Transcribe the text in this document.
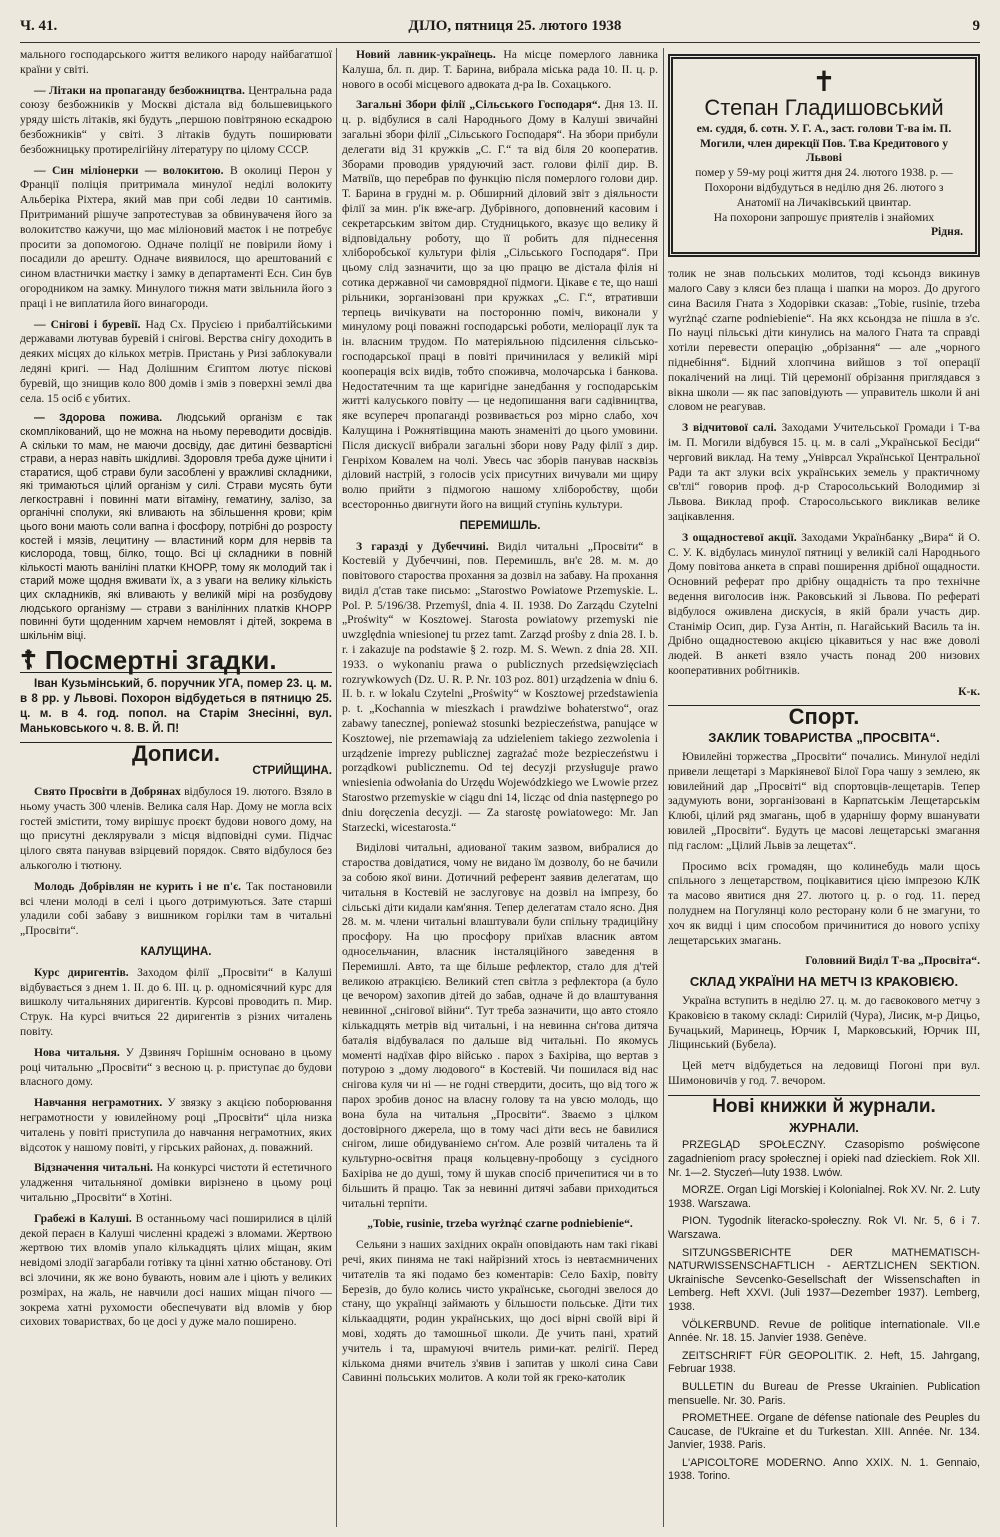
Ч. 41.	ДІЛО, пятниця 25. лютого 1938	9

мального господарського життя великого народу найбагатшої країни у світі.

— Літаки на пропаганду безбожництва. Центральна рада союзу безбожників у Москві дістала від большевицького уряду шість літаків, які будуть „першою повітряною ескадрою безбожників“ у світі. З літаків будуть поширювати безбожницьку протирелігійну літературу по цілому СССР.

— Син міліонерки — волокитою. В околиці Перон у Франції поліція притримала минулої неділі волокиту Альберіка Ріхтера, який мав при собі ледви 10 сантимів. Притриманий рішуче запротестував за обвинуваченя його за волокитство кажучи, що має міліоновий маєток і не потребує просити за допомогою. Одначе поліції не повірили йому і посадили до арешту. Одначе виявилося, що арештований є сином властнички маєтку і замку в департаменті Есн. Син був огородником на замку. Минулого тижня мати звільнила його з праці і не виплатила його винагороди.

— Снігові і буревії. Над Сх. Прусією і прибалтійськими державами лютував буревій і снігові. Верства снігу доходить в деяких місцях до кількох метрів. Пристань у Ризі заблокували ледяні кригі. — Над Долішним Єгиптом лютує піскові буревій, що знищив коло 800 домів і змів з поверхні землі два села. 15 осіб є убитих.

— Здорова пожива. Людський організм є так скомплікований, що не можна на ньому переводити досвідів. А скільки то мам, не маючи досвіду, дає дитині безвартісні страви, а нераз навіть шкідливі. Здоровля треба дуже цінити і старатися, щоб страви були засоблені у вражливі складники, які тримаються цілий організм у силі. Страви мусять бути легкостравні і повинні мати вітаміну, гематину, залізо, за органічні сполуки, які вливають на збільшення крови; крім цього вони мають соли вапна і фосфору, потрібні до розросту костей і мязів, лецитину — властиний корм для нервів та кислорода, товщ, білко, тощо. Всі ці складники в повній кількості мають ваніліні платки КНОРР, тому як молодий так і старий може щодня вживати їх, а з уваги на велику кількість цих складників, які вливають у великій мірі на розбудову людського організму — страви з ванілінних платків КНОРР повинні бути щоденним харчем немовлят і дітей, зокрема в шкільнім віці.

☦ Посмертні згадки.

Іван Кузьмінський, б. поручник УГА, помер 23. ц. м. в 8 рр. у Львові. Похорон відбудеться в пятницю 25. ц. м. в 4. год. попол. на Старім Знесінні, вул. Маньковського ч. 8. В. Й. П!

Дописи.

СТРИЙЩИНА.

Свято Просвіти в Добрянах відбулося 19. лютого. Взяло в ньому участь 300 членів. Велика саля Нар. Дому не могла всіх гостей змістити, тому вирішує проєкт будови нового дому, на що присутні деклярували з місця відповідні суми. Підчас цілого свята панував взірцевий порядок. Свято відбулося без алькоголю і тютюну.

Молодь Добрівлян не курить і не п'є. Так постановили всі члени молоді в селі і цього дотримуються. Зате старші уладили собі забаву з вишником горілки там в читальні „Просвіти“.

КАЛУЩИНА.

Курс диригентів. Заходом філії „Просвіти“ в Калуші відбувається з днем 1. II. до 6. III. ц. р. одномісячний курс для вишколу читальняних диригентів. Курсові проводить п. Мир. Струк. На курсі вчиться 22 диригентів з різних читалень повіту.

Нова читальня. У Дзвиняч Горішнім основано в цьому році читальню „Просвіти“ з весною ц. р. приступає до будови власного дому.

Навчання неграмотних. У звязку з акцією поборювання неграмотности у ювилейному році „Просвіти“ ціла низка читалень у повіті приступила до навчання неграмотних, яких відсоток у нашому повіті, у гірських районах, д. поважний.

Відзначення читальні. На конкурсі чистоти й естетичного уладження читальняної домівки вирізнено в цьому році читальню „Просвіти“ в Хотіні.

Грабежі в Калуші. В останньому часі поширилися в цілій декой пераєн в Калуші численні крадежі з вломами. Жертвою жертвою тих вломів упало кількадцять цілих міщан, яким невідомі злодії загарбали готівку та цінні хатню обстанову. Оті всі злочини, як же воно бувають, новим але і ціють у великих розмірах, на жаль, не навчили досі наших міщан пічого — зокрема хатні рухомости обеспечувати від вломів у бюр сихових товариствах, бо це досі у дуже мало поширено.

Новий лавник-українець. На місце померлого лавника Калуша, бл. п. дир. Т. Барина, вибрала міська рада 10. II. ц. р. нового в особі місцевого адвоката д-ра Ів. Сохацького.

Загальні Збори філії „Сільського Господаря“. Дня 13. II. ц. р. відбулися в салі Народнього Дому в Калуші звичайні загальні збори філії „Сільського Господаря“. На збори прибули делегати від 31 кружків „С. Г.“ та від біля 20 кооператив. Зборами проводив урядуючий заст. голови філії дир. В. Матвіїв, що перебрав по функцію після померлого голови дир. Т. Барина в грудні м. р. Обширний діловий звіт з діяльности філії за мин. р'ік вже-агр. Дубрівного, доповнений касовим і секретарським звітом дир. Студницького, вказує що велику й відповідальну роботу, що її робить для піднесення хліборобської культури філія „Сільського Господаря“. При цьому слід зазначити, що за цю працю ве дістала філія ні сотика державної чи самоврядної підмоги. Цікаве є те, що наші рільники, зорганізовані при кружках „С. Г.“, втративши терпець вичікувати на посторонню поміч, виконали у минулому році поважні господарські роботи, меліорації лук та ін. власним трудом. По матеріяльною підсилення сільсько-господарської праці в повіті причинилася у великій мірі кооперація всіх видів, тобто споживча, молочарська і банкова. Недостатечним та ще каригідне занедбання у господарськім житті калуського повіту — це недопишання ваги садівництва, яке всупереч пропаганді розвивається роз мірно слабо, хоч Калущина і Рожнятівщина мають знаменіті до цього умовини. Після дискусії вибрали загальні збори нову Раду філії з дир. Генріхом Ковалем на чолі. Увесь час зборів панував насквізь діловий настрій, з голосів усіх присутних вичували ми щиру волю прийти з підмогою нашому хліборобству, щоби всесторонньо двигнути його на вищий ступінь культури.

ПЕРЕМИШЛЬ.

З гаразді у Дубеччині. Виділ читальні „Просвіти“ в Костевій у Дубеччині, пов. Перемишль, вн'є 28. м. м. до повітового староства прохання за дозвіл на забаву. На прохання виділ д'став таке письмо: „Starostwo Powiatowe Przemyskie. L. Pol. P. 5/196/38. Przemyśl, dnia 4. II. 1938. Do Zarządu Czytelni „Proświty“ w Kosztowej. Starosta powiatowy przemyski nie uwzględnia wniesionej tu przez tamt. Zarząd prośby z dnia 28. I. b. r. i zakazuje na podstawie § 2. rozp. M. S. Wewn. z dnia 28. XII. 1933. o wykonaniu prawa o publicznych przedsięwzięciach rozrywkowych (Dz. U. R. P. Nr. 103 poz. 801) urządzenia w dniu 6. II. b. r. w lokalu Czytelni „Proświty“ w Kosztowej przedstawienia p. t. „Kochannia w mieszkach i prawdziwe bohaterstwo“, oraz zabawy tanecznej, ponieważ stosunki bezpieczeństwa, panujące w Kosztowej, nie przemawiają za udzieleniem takiego zezwolenia i urządzenie imprezy publicznej zagrażać może bezpieczeństwu i porządkowi publicznemu. Od tej decyzji przysługuje prawo wniesienia odwołania do Urzędu Wojewódzkiego we Lwowie przez Starostwo przemyskie w ciągu dni 14, licząc od dnia następnego po dniu doręczenia decyzji. — Za starostę powiatowego: Mr. Jan Starzecki, wicestarosta.“

Виділові читальні, адиованої таким зазвом, вибралися до староства довідатися, чому не видано їм дозволу, бо не бачили за собою якої вини. Дотичний референт заявив делегатам, що читальня в Костевій не заслуговує на дозвіл на імпрезу, бо сільські діти кидали кам'яння. Тепер делегатам стало ясно. Дня 28. м. м. члени читальні влаштували були спільну традиційну просфору. На цю просфору приїхав власник автом односельчанин, власник інсталяційного заведення в Перемишлі. Авто, та ще більше рефлектор, стало для д'тей великою атракцією. Великий степ світла з рефлектора (а було це вечором) захопив дітей до забав, одначе й до влаштування невинної „снігової війни“. Тут треба зазначити, що авто стояло кількадцять метрів від читальні, і на невинна сн'гова дитяча баталія відбувалася по дальше від читальні. По якомусь моменті надїхав фіро військо . парох з Бахіріва, що вертав з потурою з „дому людового“ в Костевій. Чи пошилася від нас снігова куля чи ні — не годні ствердити, досить, що від того ж парох зробив донос на власну голову та на увсю молодь, що вона була на читальня „Просвіти“. Зваємо з цілком достовірного джерела, що в тому часі діти весь не бавилися снігом, лише обидуваніемо сн'гом. Але розвій читалень та й культурно-освітня праця кольцевну-пробощу з сусідного Бахіріва не до душі, тому й шукав спосіб причепитися чи в то більшить й працю. Так за невинні дитячі забави приходиться читальні терпіти.

„Tobie, rusinie, trzeba wyrżnąć czarne podniebienie“.

Сельяни з наших західних окраїн оповідають нам такі гікаві речі, яких пиняма не такі найрізний хтось із невтаємничених читателів та які подамо без коментарів: Село Бахір, повіту Березів, до було колись чисто українське, сьогодні звелося до стану, що українці займають у більшости польське. Діти тих кількаадцяти, родин українських, що досі вірні своїй вірі й мові, ходять до тамошньої школи. Де учить пані, хратий учитель і та, шрамуючі вчитель рими-кат. релігії. Перед кількома днями вчитель з'явив і запитав у школі сина Сави Савинні польських молитов. А коли той як греко-католик

✝

Степан Гладишовський

ем. суддя, б. сотн. У. Г. А., заст. голови Т-ва ім. П. Могили, член дирекції Пов. Т.ва Кредитового у Львові

помер у 59-му році життя дня 24. лютого 1938. р. — Похорони відбудуться в неділю дня 26. лютого з Анатомії на Личаківський цвинтар.

На похорони запрошує приятелів і знайомих

Рідня.

толик не знав польських молитов, тоді ксьондз викинув малого Саву з кляси без плаща і шапки на мороз. До другого сина Василя Гната з Ходорівки сказав: „Tobie, rusinie, trzeba wyrżnąć czarne podniebienie“. На якх ксьондза не пішла в з'с. По науці пільські діти кинулись на малого Гната та справді хотіли перевести операцію „обрізання“ — але „чорного піднебіння“. Бідний хлопчина вийшов з тої операції покалічений на лиці. Тій церемонії обрізання приглядався з вікна школи — як пас заповідують — управитель школи й ані словом не реагував.

З відчитової салі. Заходами Учительської Громади і Т-ва ім. П. Могили відбувся 15. ц. м. в салі „Української Бесіди“ черговий виклад. На тему „Уніврсал Української Центральної Ради та акт злуки всіх українських земель у практичному св'тлі“ говорив проф. д-р Старосольський Володимир зі Львова. Виклад проф. Старосольського викликав велике зацікавлення.

З ощадностевої акції. Заходами Українбанку „Вира“ й О. С. У. К. відбулась минулої пятниці у великій салі Народнього Дому повітова анкета в справі поширення дрібної ощадности. Основний реферат про дрібну ощадність та про технічне ведення виголосив інж. Раковський зі Львова. По рефераті відбулося оживлена дискусія, в якій брали участь дир. Станімір Осип, дир. Гуза Антін, п. Нагайський Василь та ін. Дрібно ощадностевою акцією цікавиться у нас вже доволі людей. В анкеті взяло участь понад 200 низових кооперативних робітників.

К-к.

Спорт.

ЗАКЛИК ТОВАРИСТВА „ПРОСВІТА“.

Ювилейні торжества „Просвіти“ почались. Минулої неділі привели лещетарі з Маркіяневої Білої Гора чашу з землею, як ювилейний дар „Просвіті“ від спортовців-лещетарів. Тепер задумують вони, зорганізовані в Карпатськім Лещетарськім Клюбі, цілий ряд змагань, щоб в ударнішу форму вшанувати ювилей „Просвіти“. Будуть це масові лещетарські змагання під гаслом: „Цілий Львів за лещетах“.

Просимо всіх громадян, що колинебудь мали щось спільного з лещетарством, поцікавитися цією імпрезою КЛК та масово явитися дня 27. лютого ц. р. о год. 11. перед полуднем на Погулянці коло ресторану коли б не змагуни, то хоч як видці і цим способом причинитися до нового успіху лещетарських змагань.

Головний Виділ Т-ва „Просвіта“.

СКЛАД УКРАЇНИ НА МЕТЧ ІЗ КРАКОВІЄЮ.

Україна вступить в неділю 27. ц. м. до гаєвокового метчу з Краковією в такому складі: Сирилій (Чура), Лисик, м-р Дицьо, Бучацький, Маринець, Юрчик І, Марковський, Юрчик ІІІ, Ліщинський (Бубела).

Цей метч відбудеться на ледовищі Погоні при вул. Шимоновичів у год. 7. вечором.

Нові книжки й журнали.

ЖУРНАЛИ.

PRZEGLĄD SPOŁECZNY. Czasopismo poświęcone zagadnieniom pracy społecznej i opieki nad dzieckiem. Rok XII. Nr. 1—2. Styczeń—luty 1938. Lwów.

MORZE. Organ Ligi Morskiej i Kolonialnej. Rok XV. Nr. 2. Luty 1938. Warszawa.

PION. Tygodnik literacko-społeczny. Rok VI. Nr. 5, 6 i 7. Warszawa.

SITZUNGSBERICHTE DER MATHEMATISCH-NATURWISSENSCHAFTLICH - AERTZLICHEN SEKTION. Ukrainische Sevcenko-Gesellschaft der Wissenschaften in Lemberg. Heft XXVI. (Juli 1937—Dezember 1937). Lemberg, 1938.

VÖLKERBUND. Revue de politique internationale. VII.e Année. Nr. 18. 15. Janvier 1938. Genève.

ZEITSCHRIFT FÜR GEOPOLITIK. 2. Heft, 15. Jahrgang, Februar 1938.

BULLETIN du Bureau de Presse Ukrainien. Publication mensuelle. Nr. 30. Paris.

PROMETHEE. Organe de défense nationale des Peuples du Caucase, de l'Ukraine et du Turkestan. XIII. Année. Nr. 134. Janvier, 1938. Paris.

L'APICOLTORE MODERNO. Anno XXIX. N. 1. Gennaio, 1938. Torino.
